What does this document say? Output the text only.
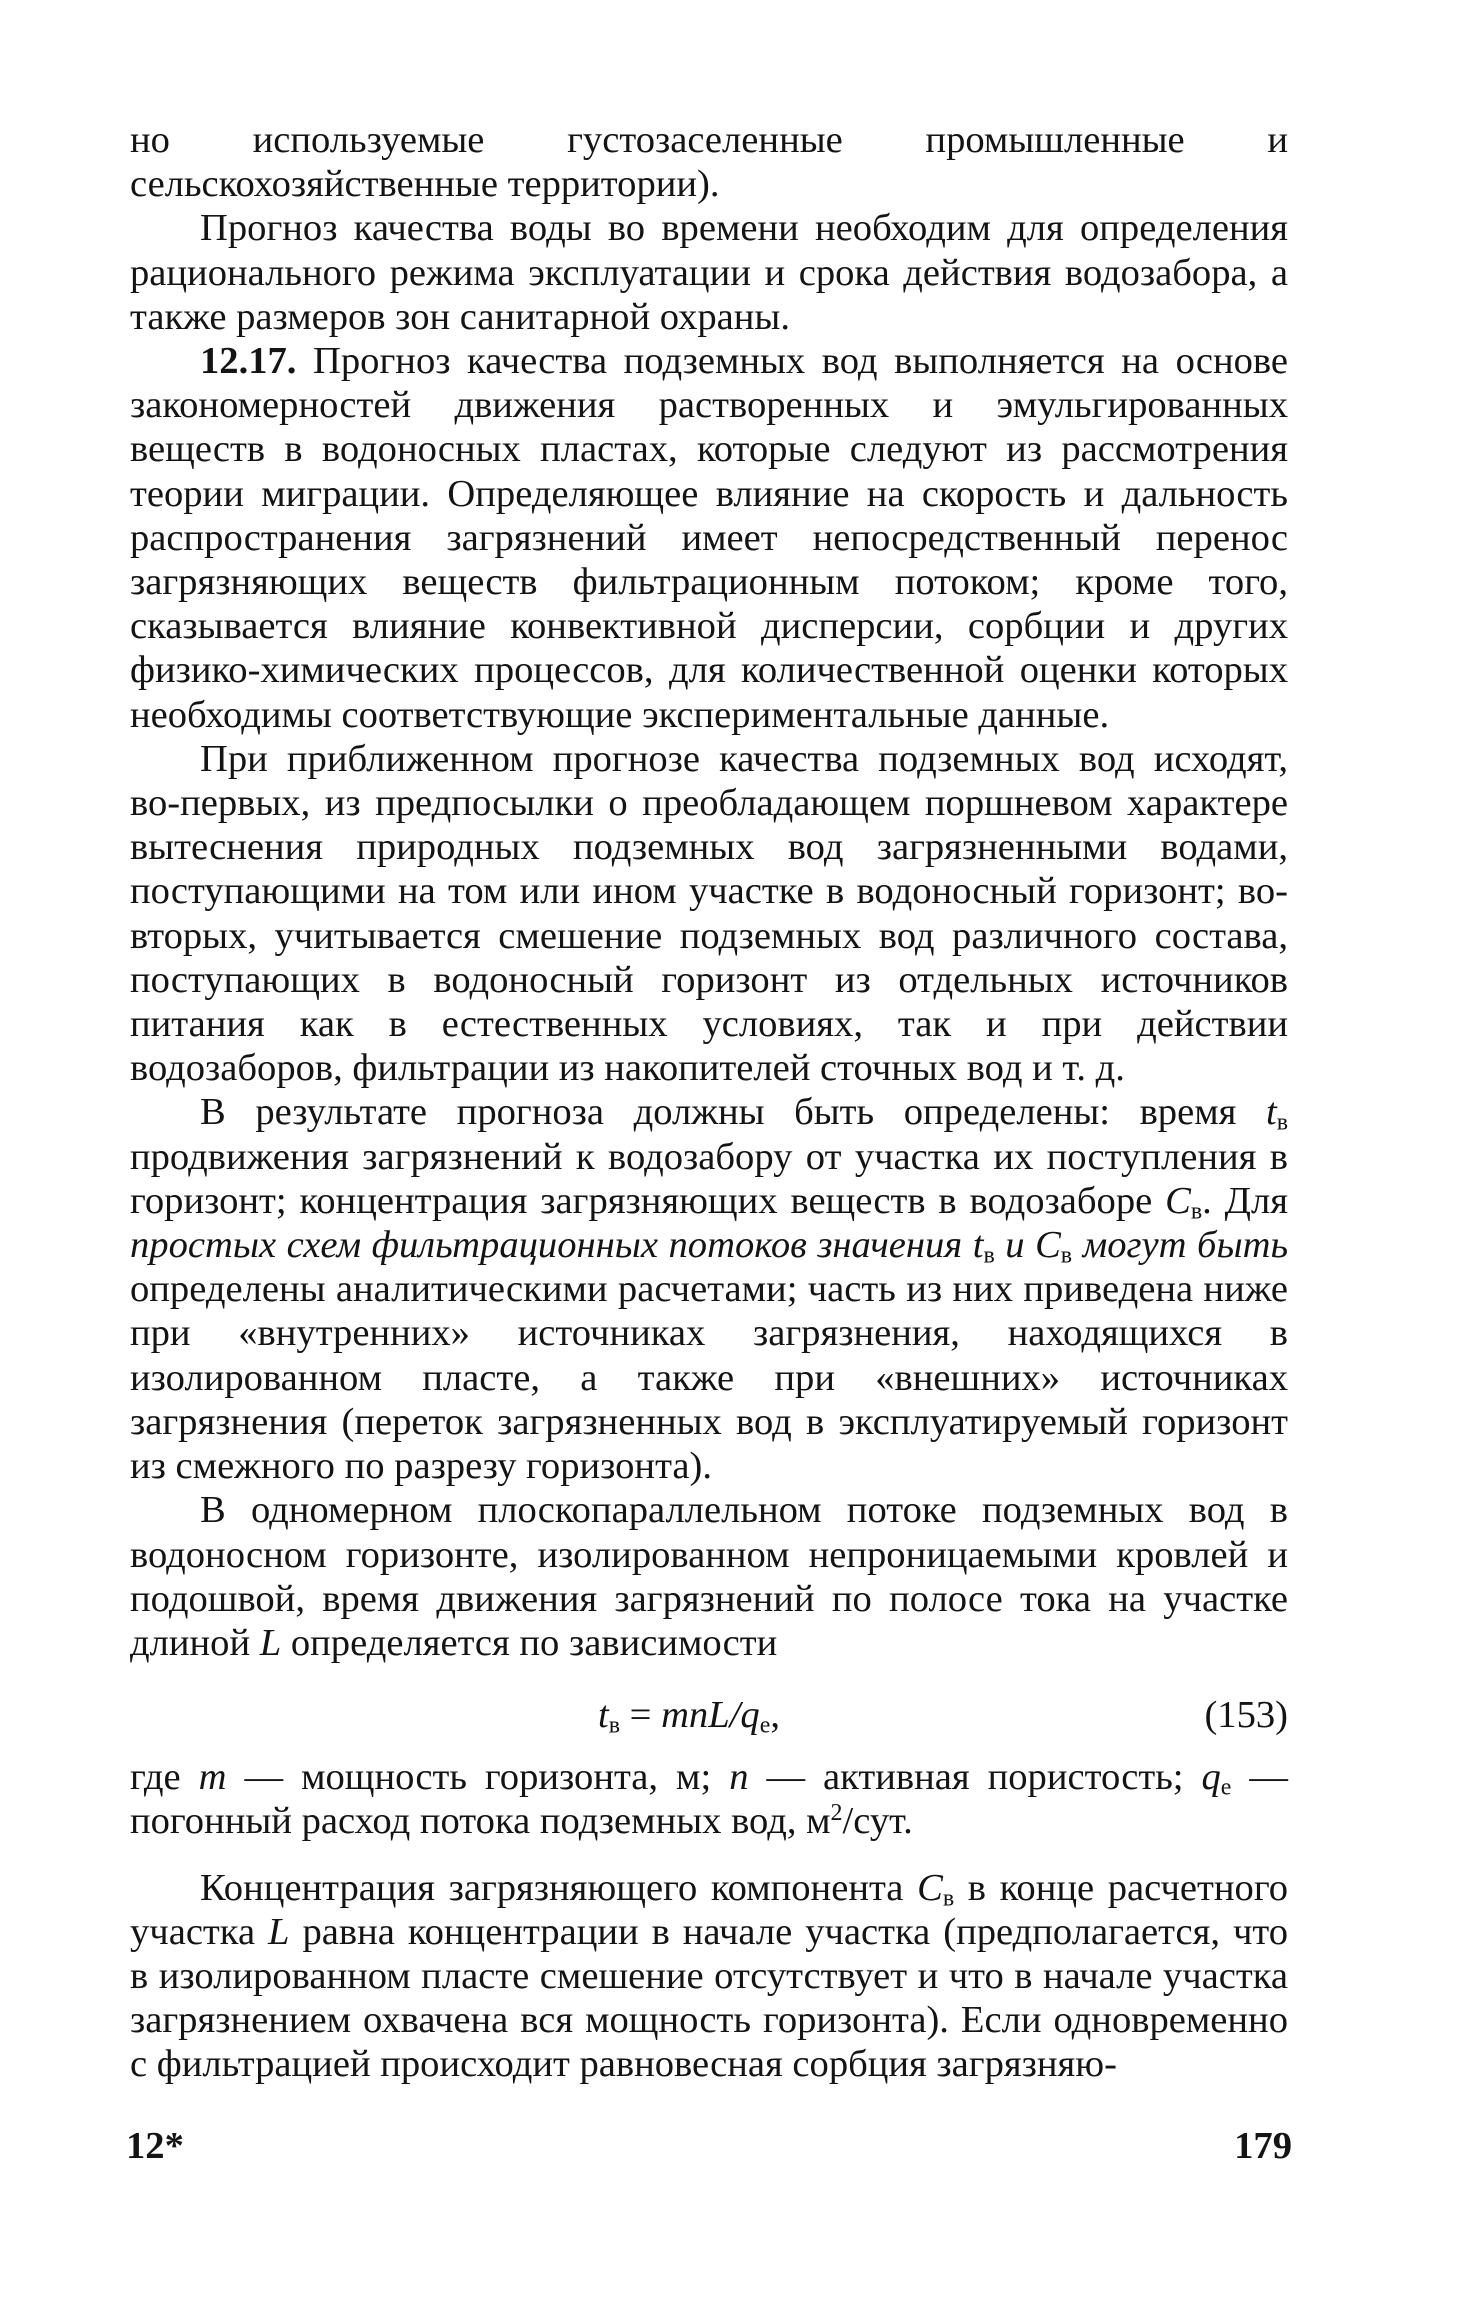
но используемые густозаселенные промышленные и сельскохозяйственные территории).

Прогноз качества воды во времени необходим для определения рационального режима эксплуатации и срока действия водозабора, а также размеров зон санитарной охраны.

12.17. Прогноз качества подземных вод выполняется на основе закономерностей движения растворенных и эмульгированных веществ в водоносных пластах, которые следуют из рассмотрения теории миграции. Определяющее влияние на скорость и дальность распространения загрязнений имеет непосредственный перенос загрязняющих веществ фильтрационным потоком; кроме того, сказывается влияние конвективной дисперсии, сорбции и других физико-химических процессов, для количественной оценки которых необходимы соответствующие экспериментальные данные.

При приближенном прогнозе качества подземных вод исходят, во-первых, из предпосылки о преобладающем поршневом характере вытеснения природных подземных вод загрязненными водами, поступающими на том или ином участке в водоносный горизонт; во-вторых, учитывается смешение подземных вод различного состава, поступающих в водоносный горизонт из отдельных источников питания как в естественных условиях, так и при действии водозаборов, фильтрации из накопителей сточных вод и т. д.

В результате прогноза должны быть определены: время $t_в$ продвижения загрязнений к водозабору от участка их поступления в горизонт; концентрация загрязняющих веществ в водозаборе $C_в$. Для простых схем фильтрационных потоков значения $t_в$ и $C_в$ могут быть определены аналитическими расчетами; часть из них приведена ниже при «внутренних» источниках загрязнения, находящихся в изолированном пласте, а также при «внешних» источниках загрязнения (переток загрязненных вод в эксплуатируемый горизонт из смежного по разрезу горизонта).

В одномерном плоскопараллельном потоке подземных вод в водоносном горизонте, изолированном непроницаемыми кровлей и подошвой, время движения загрязнений по полосе тока на участке длиной L определяется по зависимости

$t_в = mnL/q_e$,	(153)

где m — мощность горизонта, м; n — активная пористость; $q_e$ — погонный расход потока подземных вод, $м^2$/сут.

Концентрация загрязняющего компонента $C_в$ в конце расчетного участка L равна концентрации в начале участка (предполагается, что в изолированном пласте смешение отсутствует и что в начале участка загрязнением охвачена вся мощность горизонта). Если одновременно с фильтрацией происходит равновесная сорбция загрязняю-

12*	179
